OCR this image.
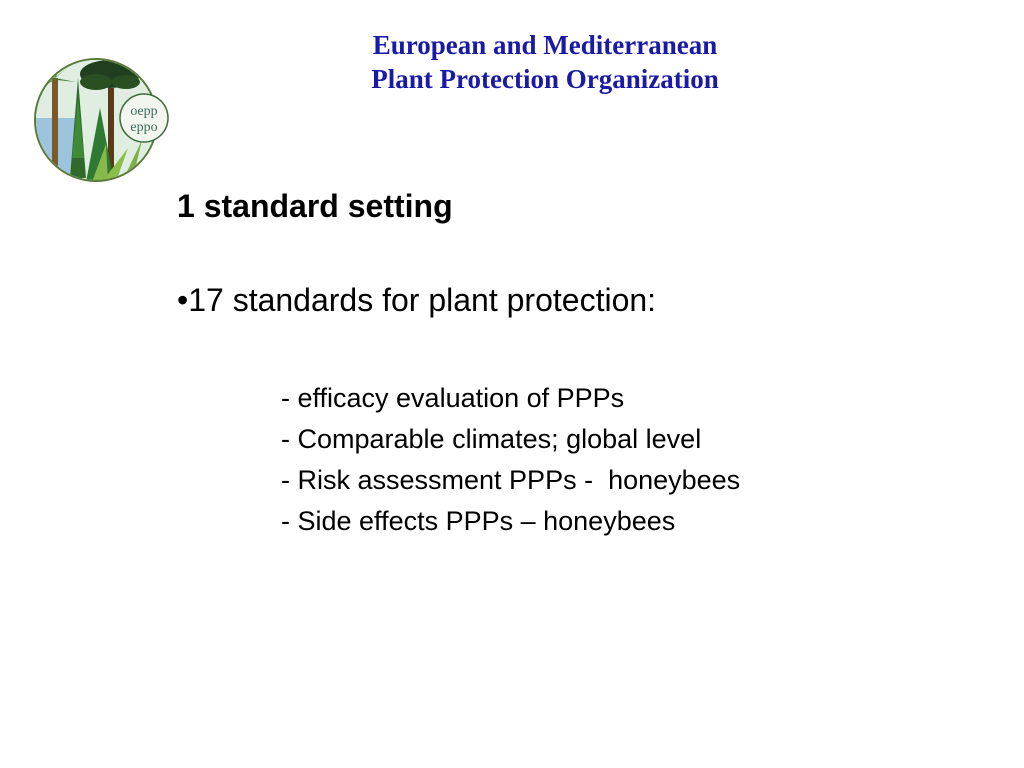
oepp
eppo
European and Mediterranean
Plant Protection Organization
1 standard setting
•17 standards for plant protection:
- efficacy evaluation of PPPs
- Comparable climates; global level
- Risk assessment PPPs -  honeybees
- Side effects PPPs – honeybees
